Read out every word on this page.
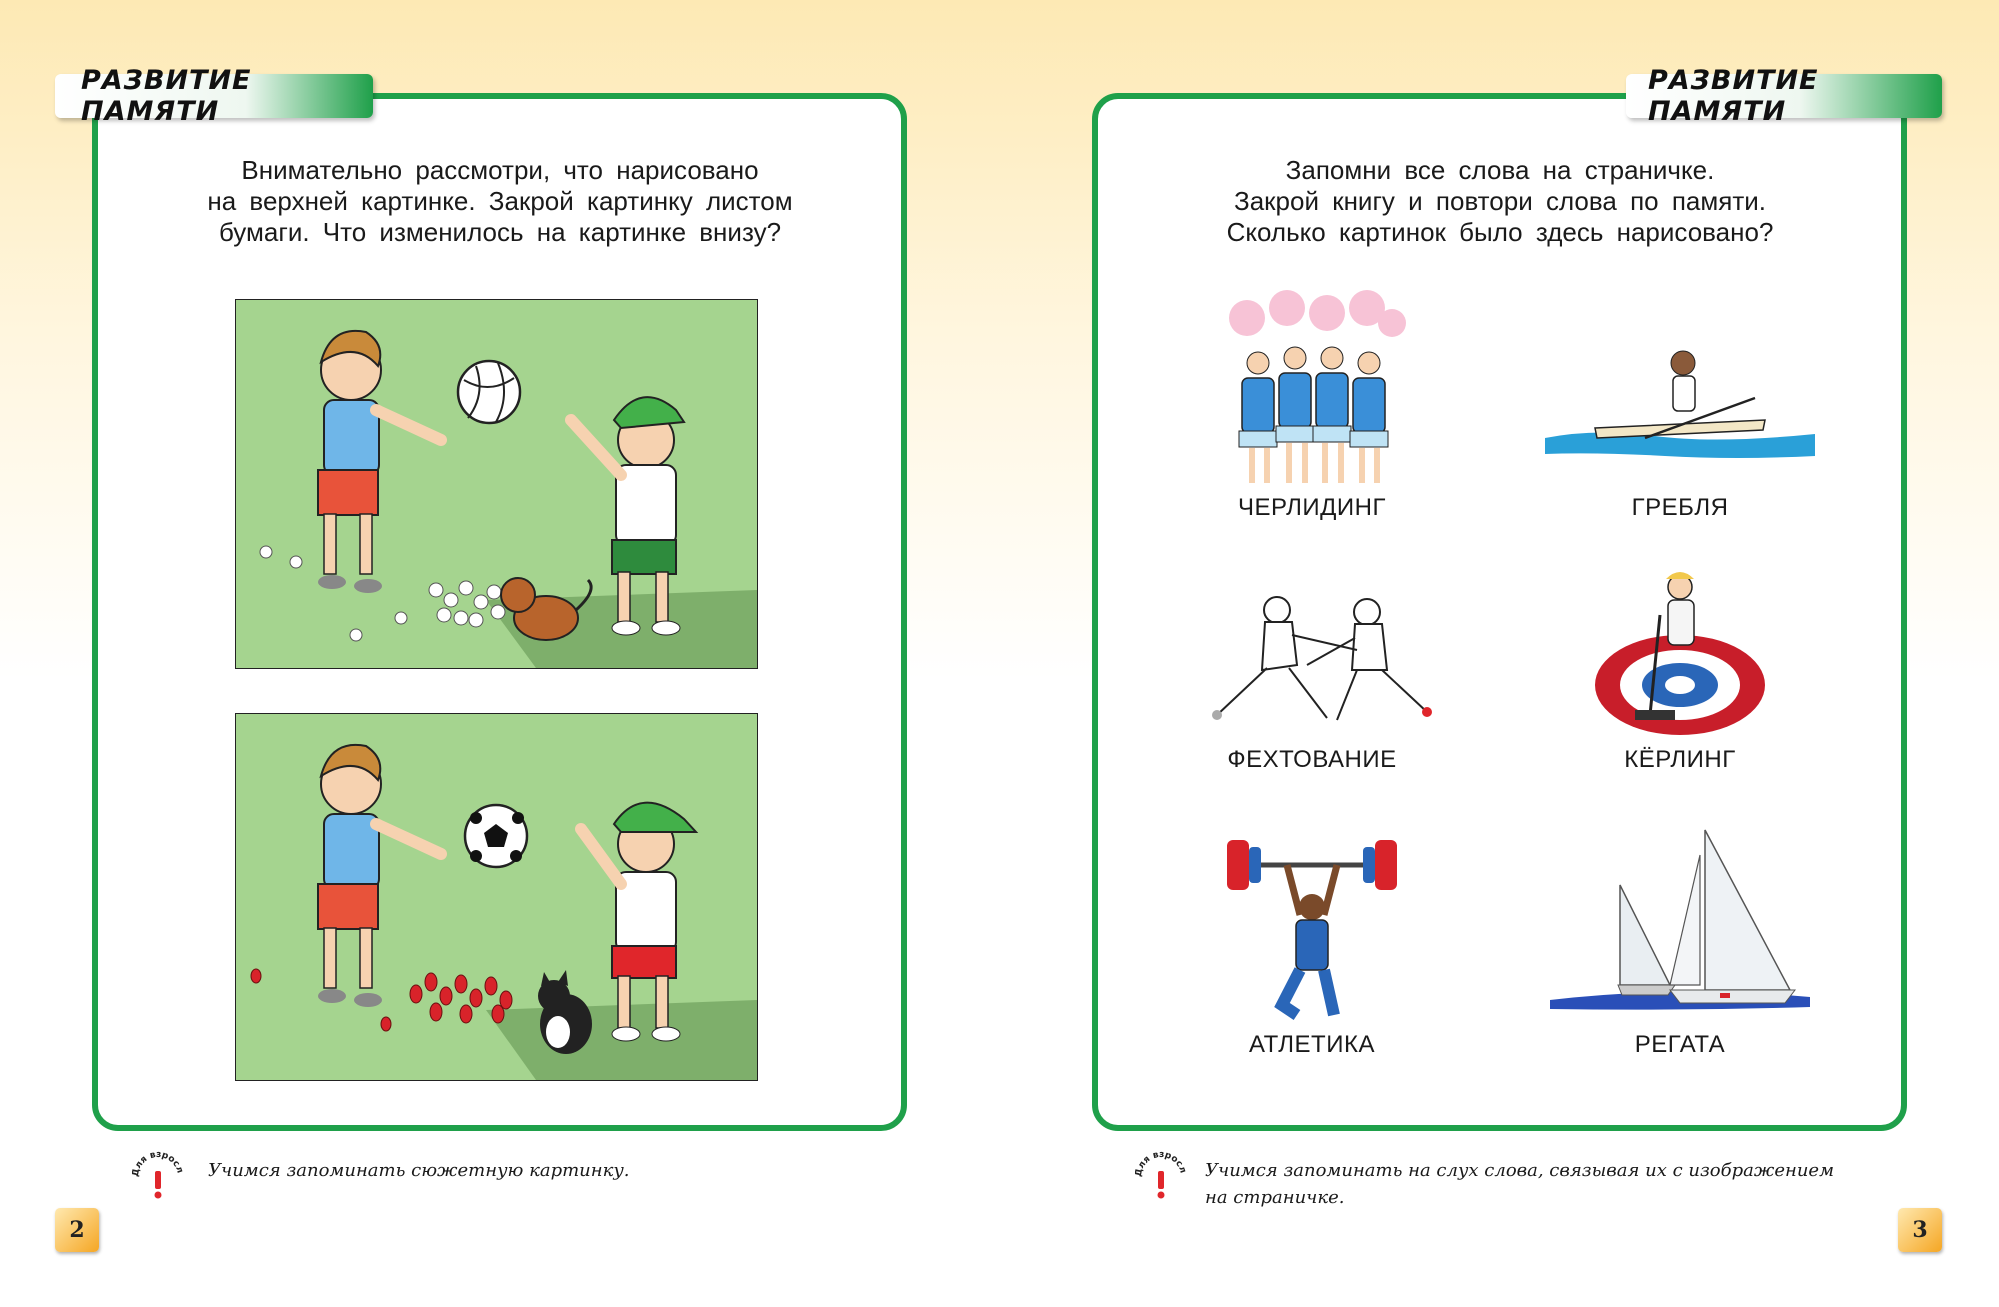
РАЗВИТИЕ ПАМЯТИ
Внимательно рассмотри, что нарисовано
на верхней картинке. Закрой картинку листом
бумаги. Что изменилось на картинке внизу?
ля взросл Учимся запоминать сюжетную картинку.
2
РАЗВИТИЕ ПАМЯТИ
Запомни все слова на страничке.
Закрой книгу и повтори слова по памяти.
Сколько картинок было здесь нарисовано?
ЧЕРЛИДИНГ	ГРЕБЛЯ
ФЕХТОВАНИЕ	КЁРЛИНГ
АТЛЕТИКА	РЕГАТА
ля взросл Учимся запоминать на слух слова, связывая их с изображением
на страничке.
3
